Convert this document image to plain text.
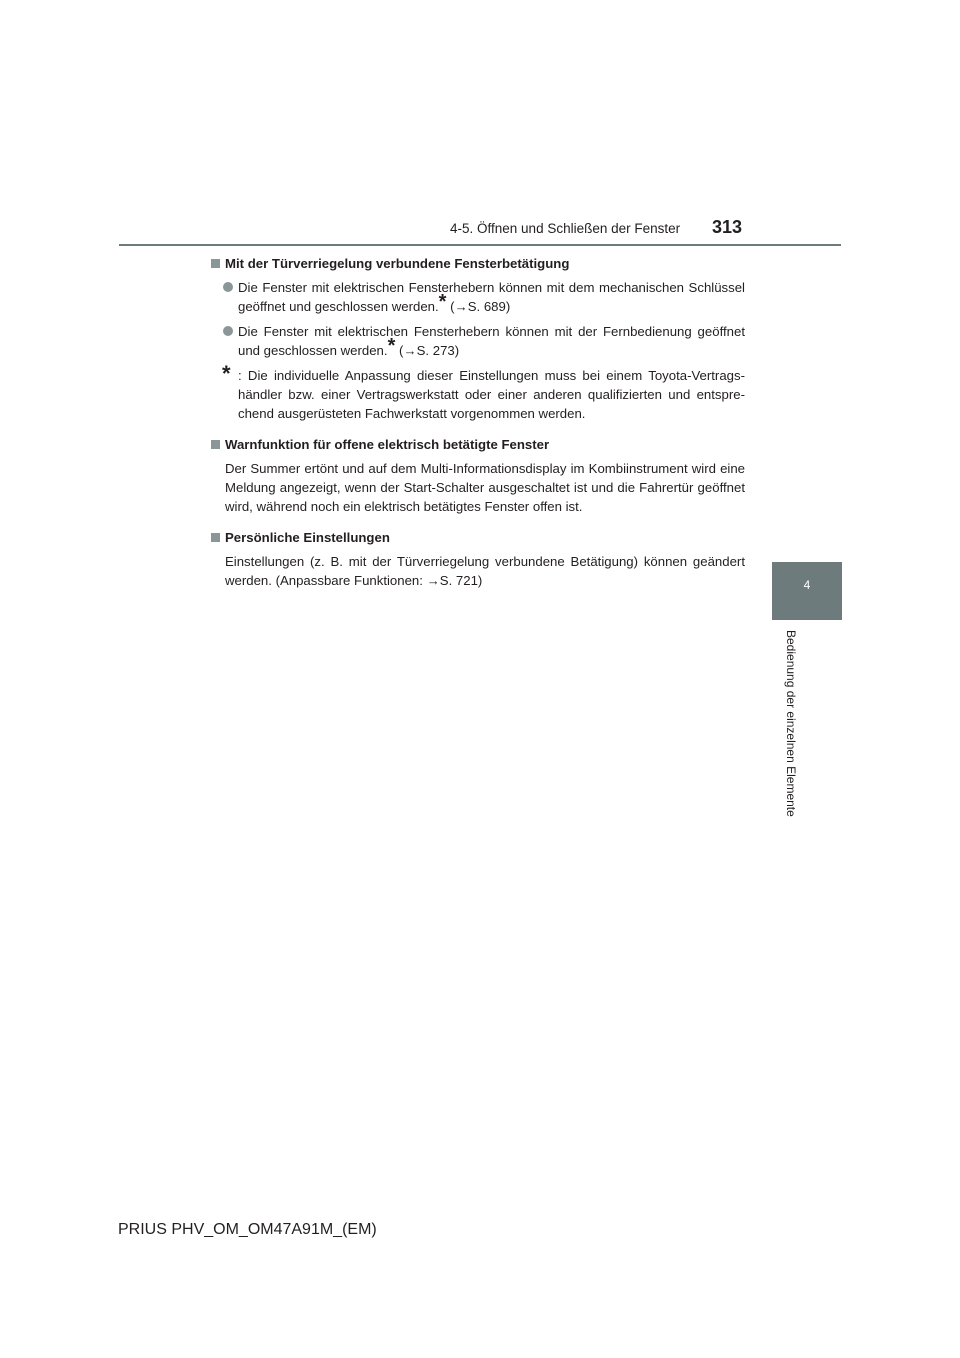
4-5. Öffnen und Schließen der Fenster	313
4
Bedienung der einzelnen Elemente
Mit der Türverriegelung verbundene Fensterbetätigung
Die Fenster mit elektrischen Fensterhebern können mit dem mechanischen Schlüssel geöffnet und geschlossen werden.* (→S. 689)
Die Fenster mit elektrischen Fensterhebern können mit der Fernbedienung geöffnet und geschlossen werden.* (→S. 273)
* : Die individuelle Anpassung dieser Einstellungen muss bei einem Toyota-Vertragshändler bzw. einer Vertragswerkstatt oder einer anderen qualifizierten und entsprechend ausgerüsteten Fachwerkstatt vorgenommen werden.
Warnfunktion für offene elektrisch betätigte Fenster
Der Summer ertönt und auf dem Multi-Informationsdisplay im Kombiinstrument wird eine Meldung angezeigt, wenn der Start-Schalter ausgeschaltet ist und die Fahrertür geöffnet wird, während noch ein elektrisch betätigtes Fenster offen ist.
Persönliche Einstellungen
Einstellungen (z. B. mit der Türverriegelung verbundene Betätigung) können geändert werden. (Anpassbare Funktionen: →S. 721)
PRIUS PHV_OM_OM47A91M_(EM)
